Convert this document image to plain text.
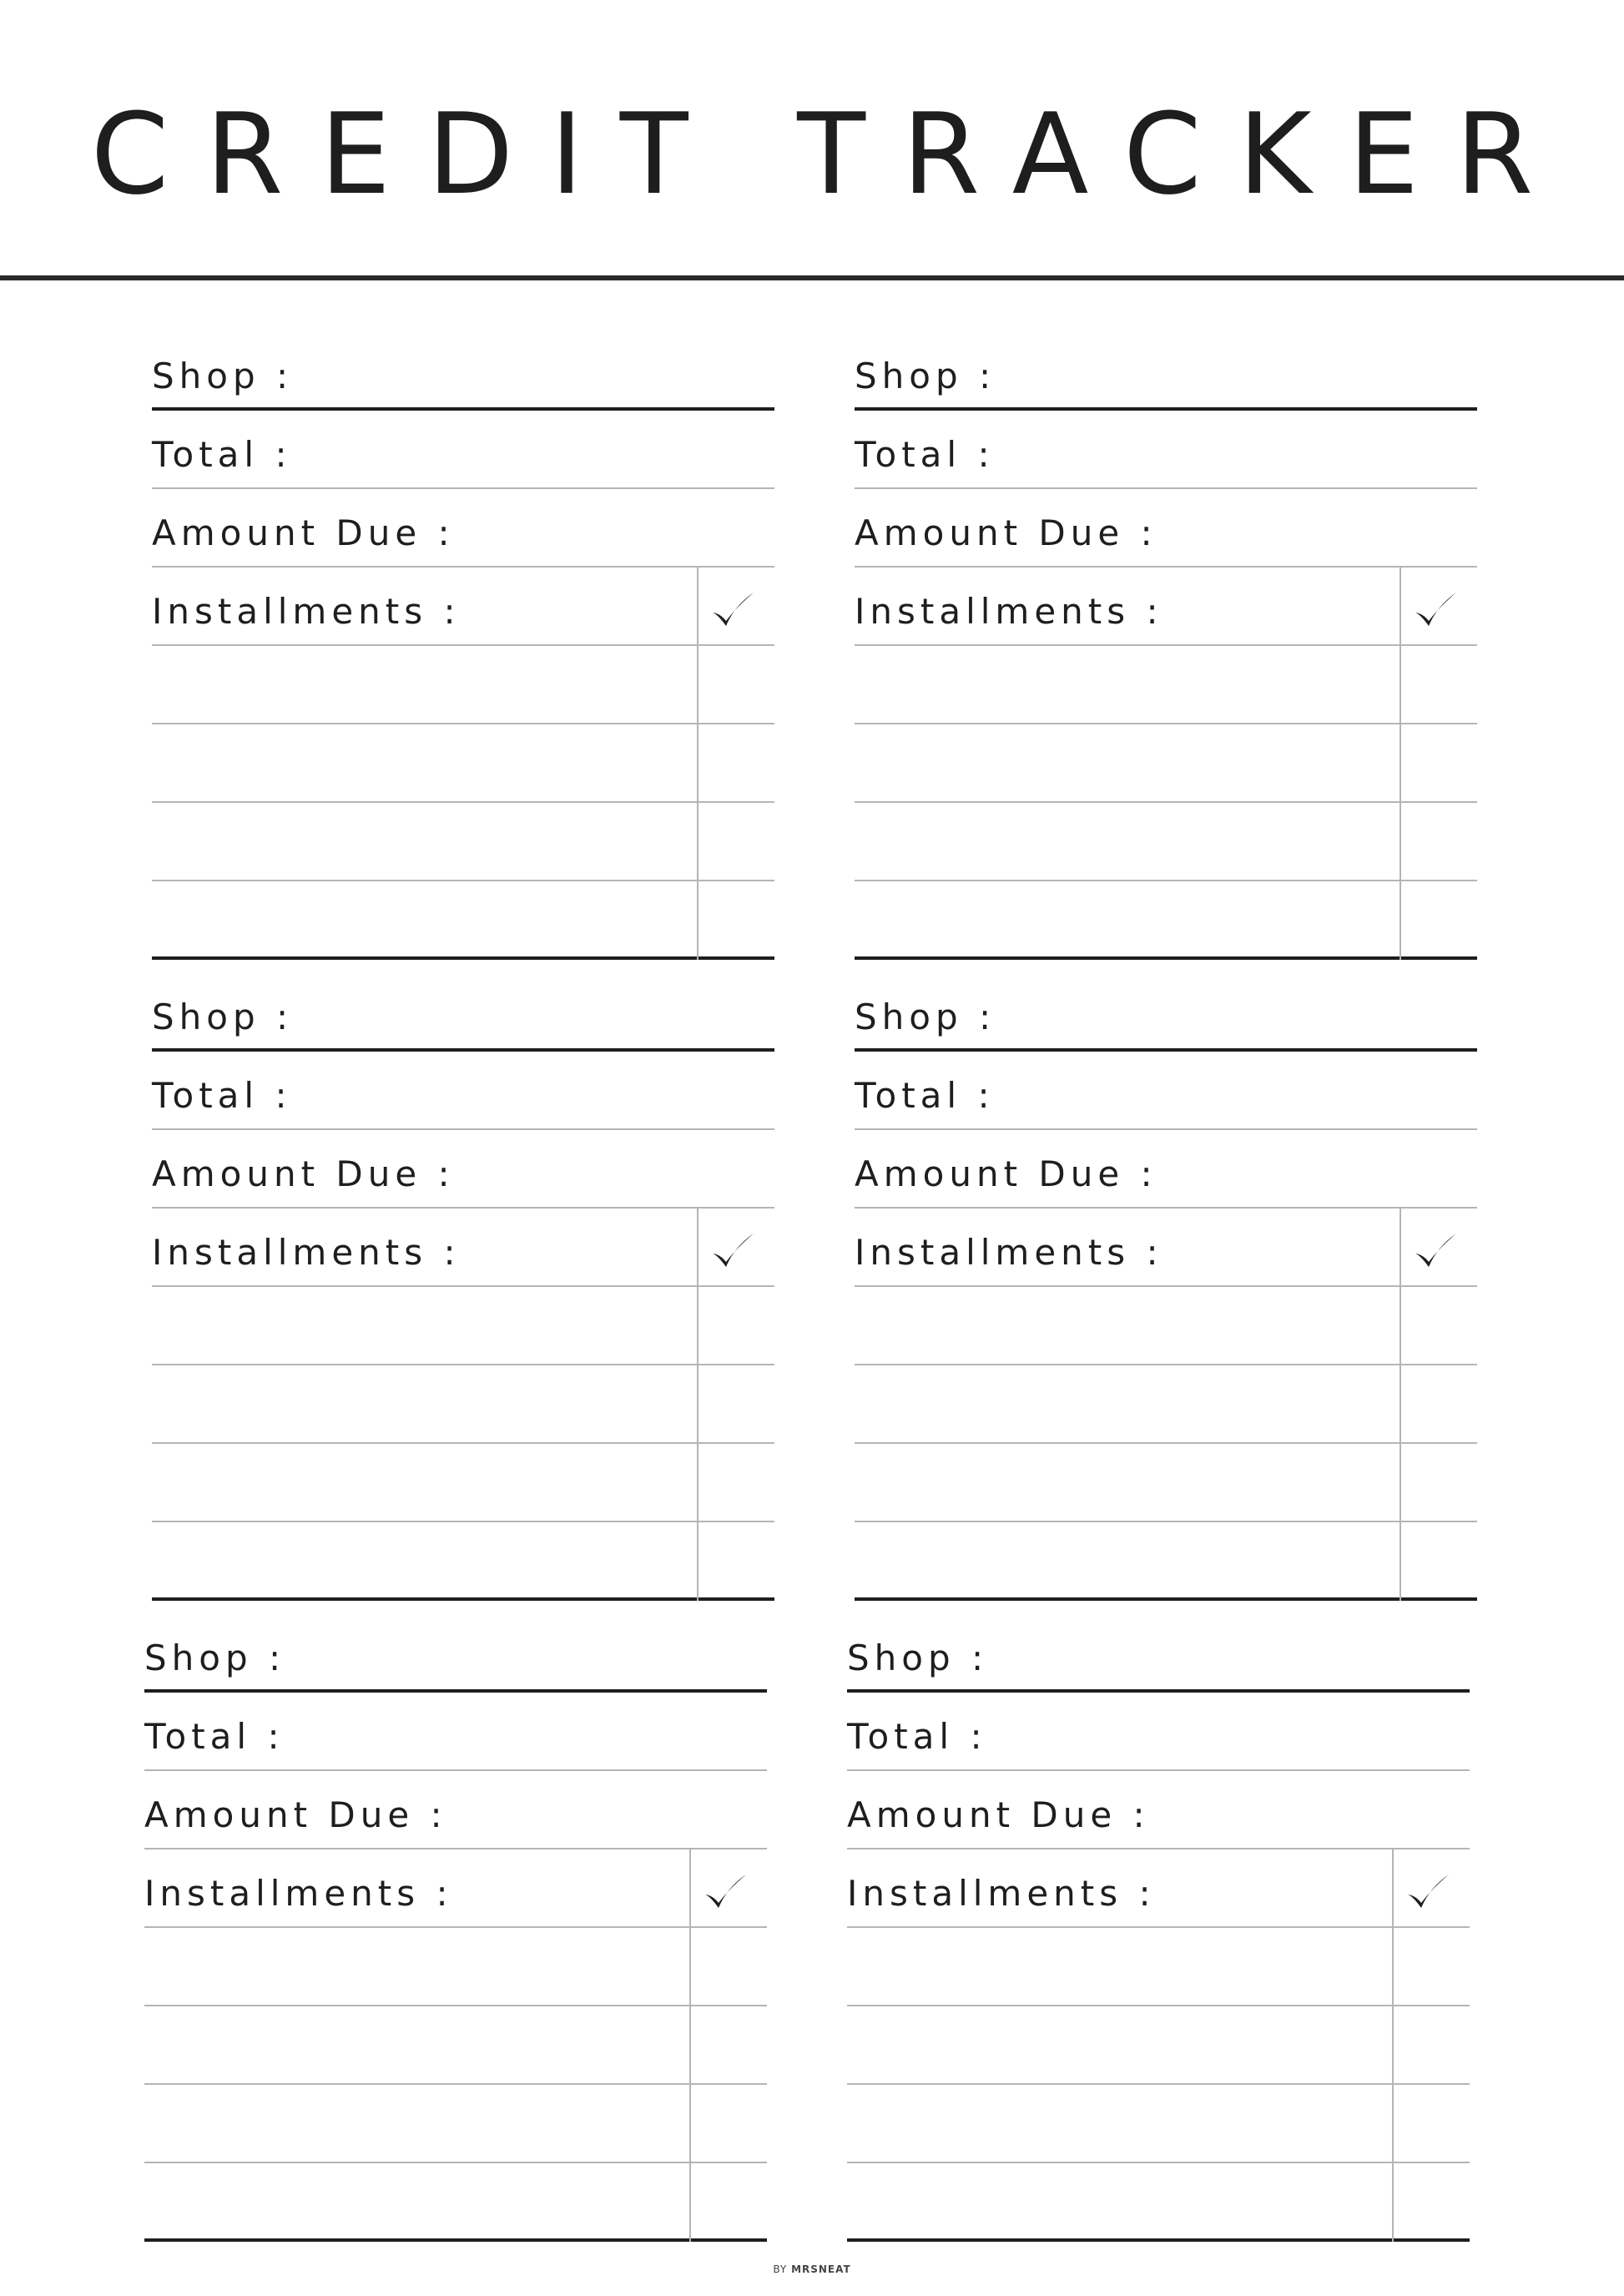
CREDIT TRACKER
Shop :
Total :
Amount Due :
Installments :
Shop :
Total :
Amount Due :
Installments :
Shop :
Total :
Amount Due :
Installments :
Shop :
Total :
Amount Due :
Installments :
Shop :
Total :
Amount Due :
Installments :
Shop :
Total :
Amount Due :
Installments :
BY MRSNEAT
